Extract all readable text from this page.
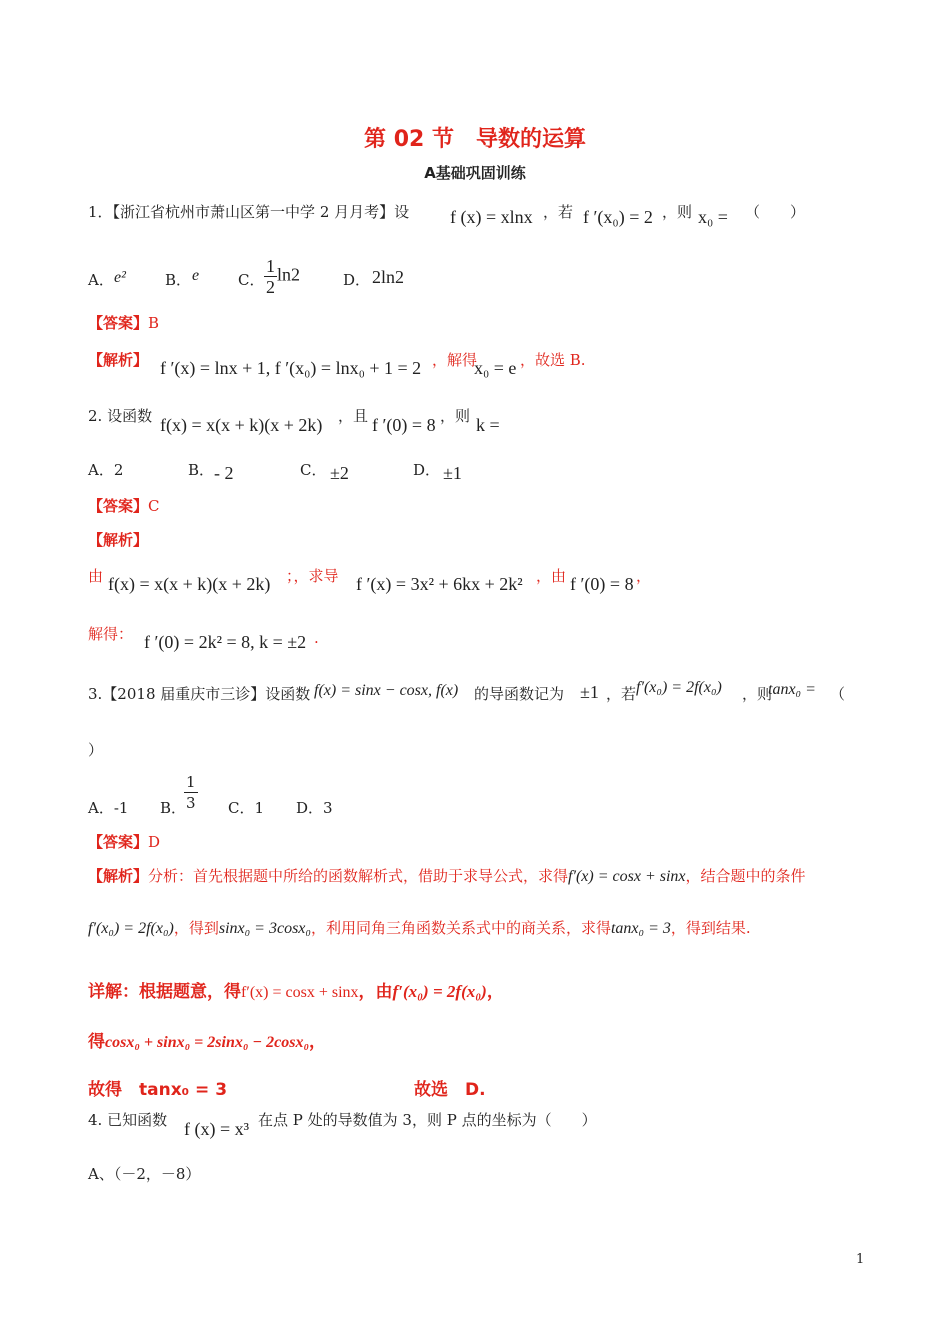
第 02 节　导数的运算
A基础巩固训练
1．【浙江省杭州市萧山区第一中学 2 月月考】设 f (x) = xlnx ，若 f ′(x₀) = 2 ，则 x₀ = （　　）
A． e²	B． e	C． $\frac{1}{2} \ln 2$	D． 2ln2
【答案】B
【解析】 f ′(x) = lnx + 1, f ′(x₀) = lnx₀ + 1 = 2 ，解得
x₀ = e ，故选 B.
2. 设函数 f(x) = x(x + k)(x + 2k) ，且 f ′(0) = 8 ，则 k =
A．2	B． - 2	C． ±2	D． ±1
【答案】C
【解析】
由 f(x) = x(x + k)(x + 2k) ；，求导 f ′(x) = 3x² + 6kx + 2k² ，由 f ′(0) = 8 ，
解得： f ′(0) = 2k² = 8, k = ±2 .
3.【2018 届重庆市三诊】设函数 f(x) = sinx − cosx, f(x) 的导函数记为 ±1 ，若 f′(x₀) = 2f(x₀) ，则
tanx₀ = （
）
A．-1 B．
$\frac{1}{3}$ C．1 D．3
【答案】D
【解析】分析：首先根据题中所给的函数解析式，借助于求导公式，求得f′(x) = cosx + sinx，结合题中的条件
f′(x₀) = 2f(x₀)，得到sinx₀ = 3cosx₀，利用同角三角函数关系式中的商关系，求得tanx₀ = 3，得到结果.
详解：根据题意，得f′(x) = cosx + sinx，由f′(x₀) = 2f(x₀)，
得cosx₀ + sinx₀ = 2sinx₀ − 2cosx₀，
故得　tanx₀ = 3　　　　　　　　　　　故选　D.
4. 已知函数 f (x) = x³ 在点 P 处的导数值为 3，则 P 点的坐标为（　　）
A、（－2，－8）
1
